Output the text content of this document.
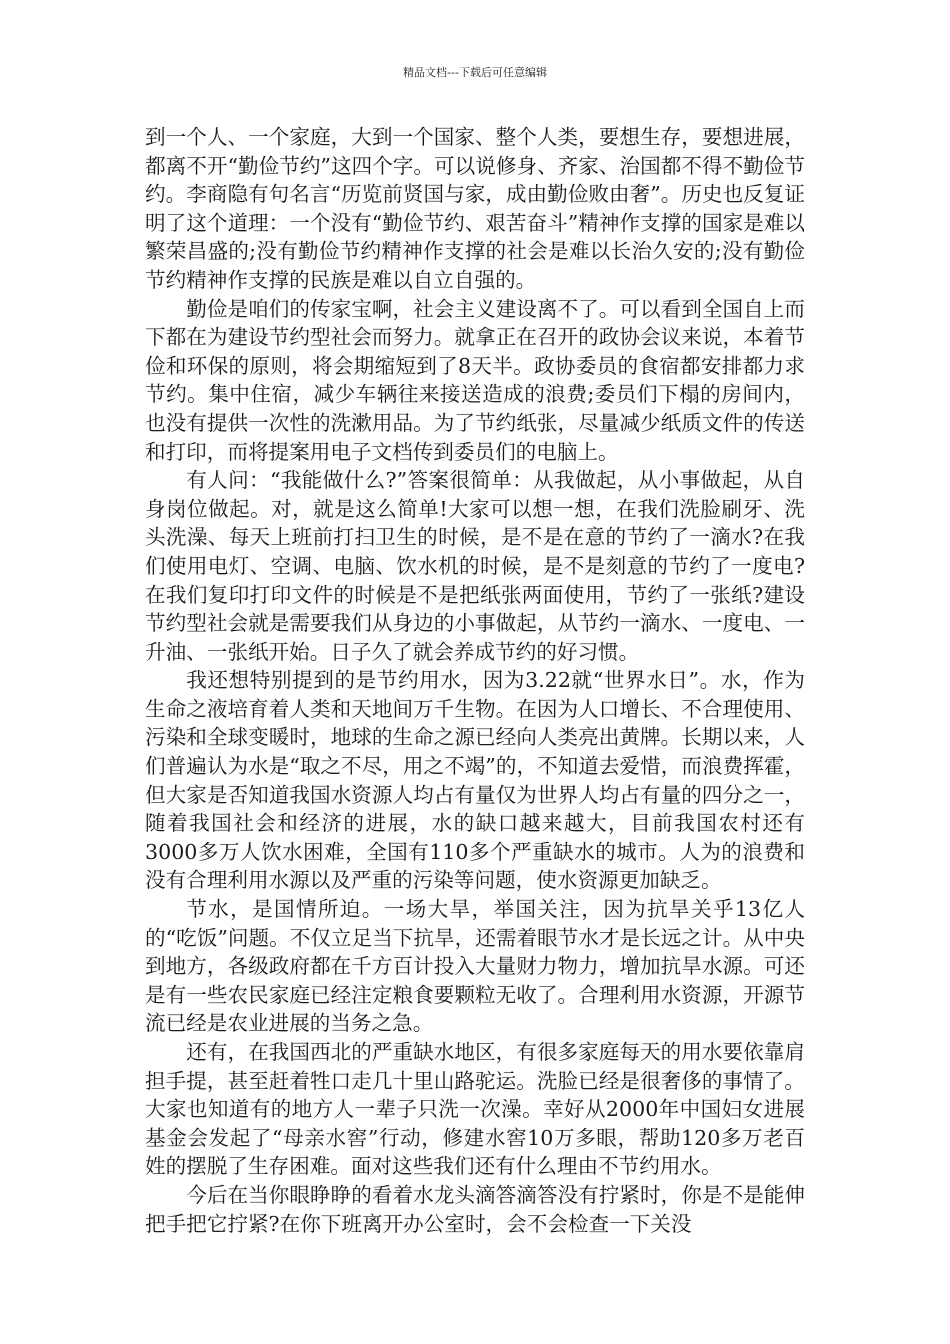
精品文档---下载后可任意编辑

到一个人、一个家庭，大到一个国家、整个人类，要想生存，要想进展，都离不开“勤俭节约”这四个字。可以说修身、齐家、治国都不得不勤俭节约。李商隐有句名言“历览前贤国与家，成由勤俭败由奢”。历史也反复证明了这个道理：一个没有“勤俭节约、艰苦奋斗”精神作支撑的国家是难以繁荣昌盛的;没有勤俭节约精神作支撑的社会是难以长治久安的;没有勤俭节约精神作支撑的民族是难以自立自强的。

勤俭是咱们的传家宝啊，社会主义建设离不了。可以看到全国自上而下都在为建设节约型社会而努力。就拿正在召开的政协会议来说，本着节俭和环保的原则，将会期缩短到了8天半。政协委员的食宿都安排都力求节约。集中住宿，减少车辆往来接送造成的浪费;委员们下榻的房间内，也没有提供一次性的洗漱用品。为了节约纸张，尽量减少纸质文件的传送和打印，而将提案用电子文档传到委员们的电脑上。

有人问：“我能做什么?”答案很简单：从我做起，从小事做起，从自身岗位做起。对，就是这么简单!大家可以想一想，在我们洗脸刷牙、洗头洗澡、每天上班前打扫卫生的时候，是不是在意的节约了一滴水?在我们使用电灯、空调、电脑、饮水机的时候，是不是刻意的节约了一度电?在我们复印打印文件的时候是不是把纸张两面使用，节约了一张纸?建设节约型社会就是需要我们从身边的小事做起，从节约一滴水、一度电、一升油、一张纸开始。日子久了就会养成节约的好习惯。

我还想特别提到的是节约用水，因为3.22就“世界水日”。水，作为生命之液培育着人类和天地间万千生物。在因为人口增长、不合理使用、污染和全球变暖时，地球的生命之源已经向人类亮出黄牌。长期以来，人们普遍认为水是“取之不尽，用之不竭”的，不知道去爱惜，而浪费挥霍，但大家是否知道我国水资源人均占有量仅为世界人均占有量的四分之一，随着我国社会和经济的进展，水的缺口越来越大，目前我国农村还有3000多万人饮水困难，全国有110多个严重缺水的城市。人为的浪费和没有合理利用水源以及严重的污染等问题，使水资源更加缺乏。

节水，是国情所迫。一场大旱，举国关注，因为抗旱关乎13亿人的“吃饭”问题。不仅立足当下抗旱，还需着眼节水才是长远之计。从中央到地方，各级政府都在千方百计投入大量财力物力，增加抗旱水源。可还是有一些农民家庭已经注定粮食要颗粒无收了。合理利用水资源，开源节流已经是农业进展的当务之急。

还有，在我国西北的严重缺水地区，有很多家庭每天的用水要依靠肩担手提，甚至赶着牲口走几十里山路驼运。洗脸已经是很奢侈的事情了。大家也知道有的地方人一辈子只洗一次澡。幸好从2000年中国妇女进展基金会发起了“母亲水窖”行动，修建水窖10万多眼，帮助120多万老百姓的摆脱了生存困难。面对这些我们还有什么理由不节约用水。

今后在当你眼睁睁的看着水龙头滴答滴答没有拧紧时，你是不是能伸把手把它拧紧?在你下班离开办公室时，会不会检查一下关没
